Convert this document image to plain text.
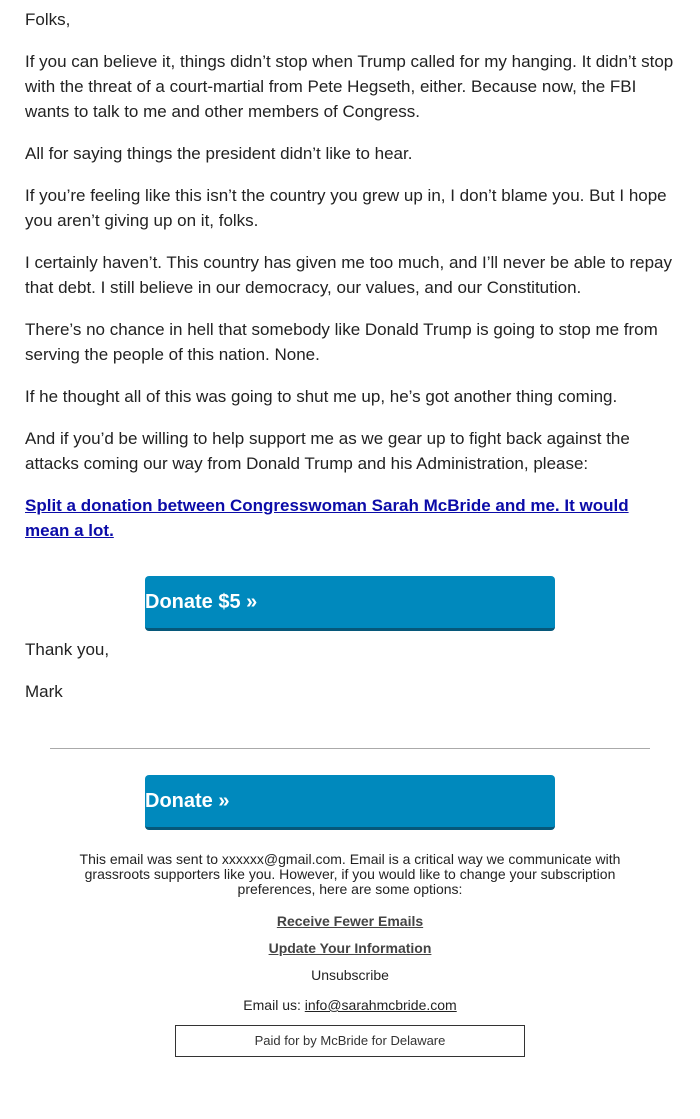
Folks,

If you can believe it, things didn’t stop when Trump called for my hanging. It didn’t stop with the threat of a court-martial from Pete Hegseth, either. Because now, the FBI wants to talk to me and other members of Congress.

All for saying things the president didn’t like to hear.

If you’re feeling like this isn’t the country you grew up in, I don’t blame you. But I hope you aren’t giving up on it, folks.

I certainly haven’t. This country has given me too much, and I’ll never be able to repay that debt. I still believe in our democracy, our values, and our Constitution.

There’s no chance in hell that somebody like Donald Trump is going to stop me from serving the people of this nation. None.

If he thought all of this was going to shut me up, he’s got another thing coming.

And if you’d be willing to help support me as we gear up to fight back against the attacks coming our way from Donald Trump and his Administration, please:

Split a donation between Congresswoman Sarah McBride and me. It would mean a lot.

Thank you,

Mark

Donate $5 »
Donate »

This email was sent to xxxxxx@gmail.com. Email is a critical way we communicate with grassroots supporters like you. However, if you would like to change your subscription preferences, here are some options:

Receive Fewer Emails
Update Your Information

Unsubscribe

Email us: info@sarahmcbride.com

Paid for by McBride for Delaware
